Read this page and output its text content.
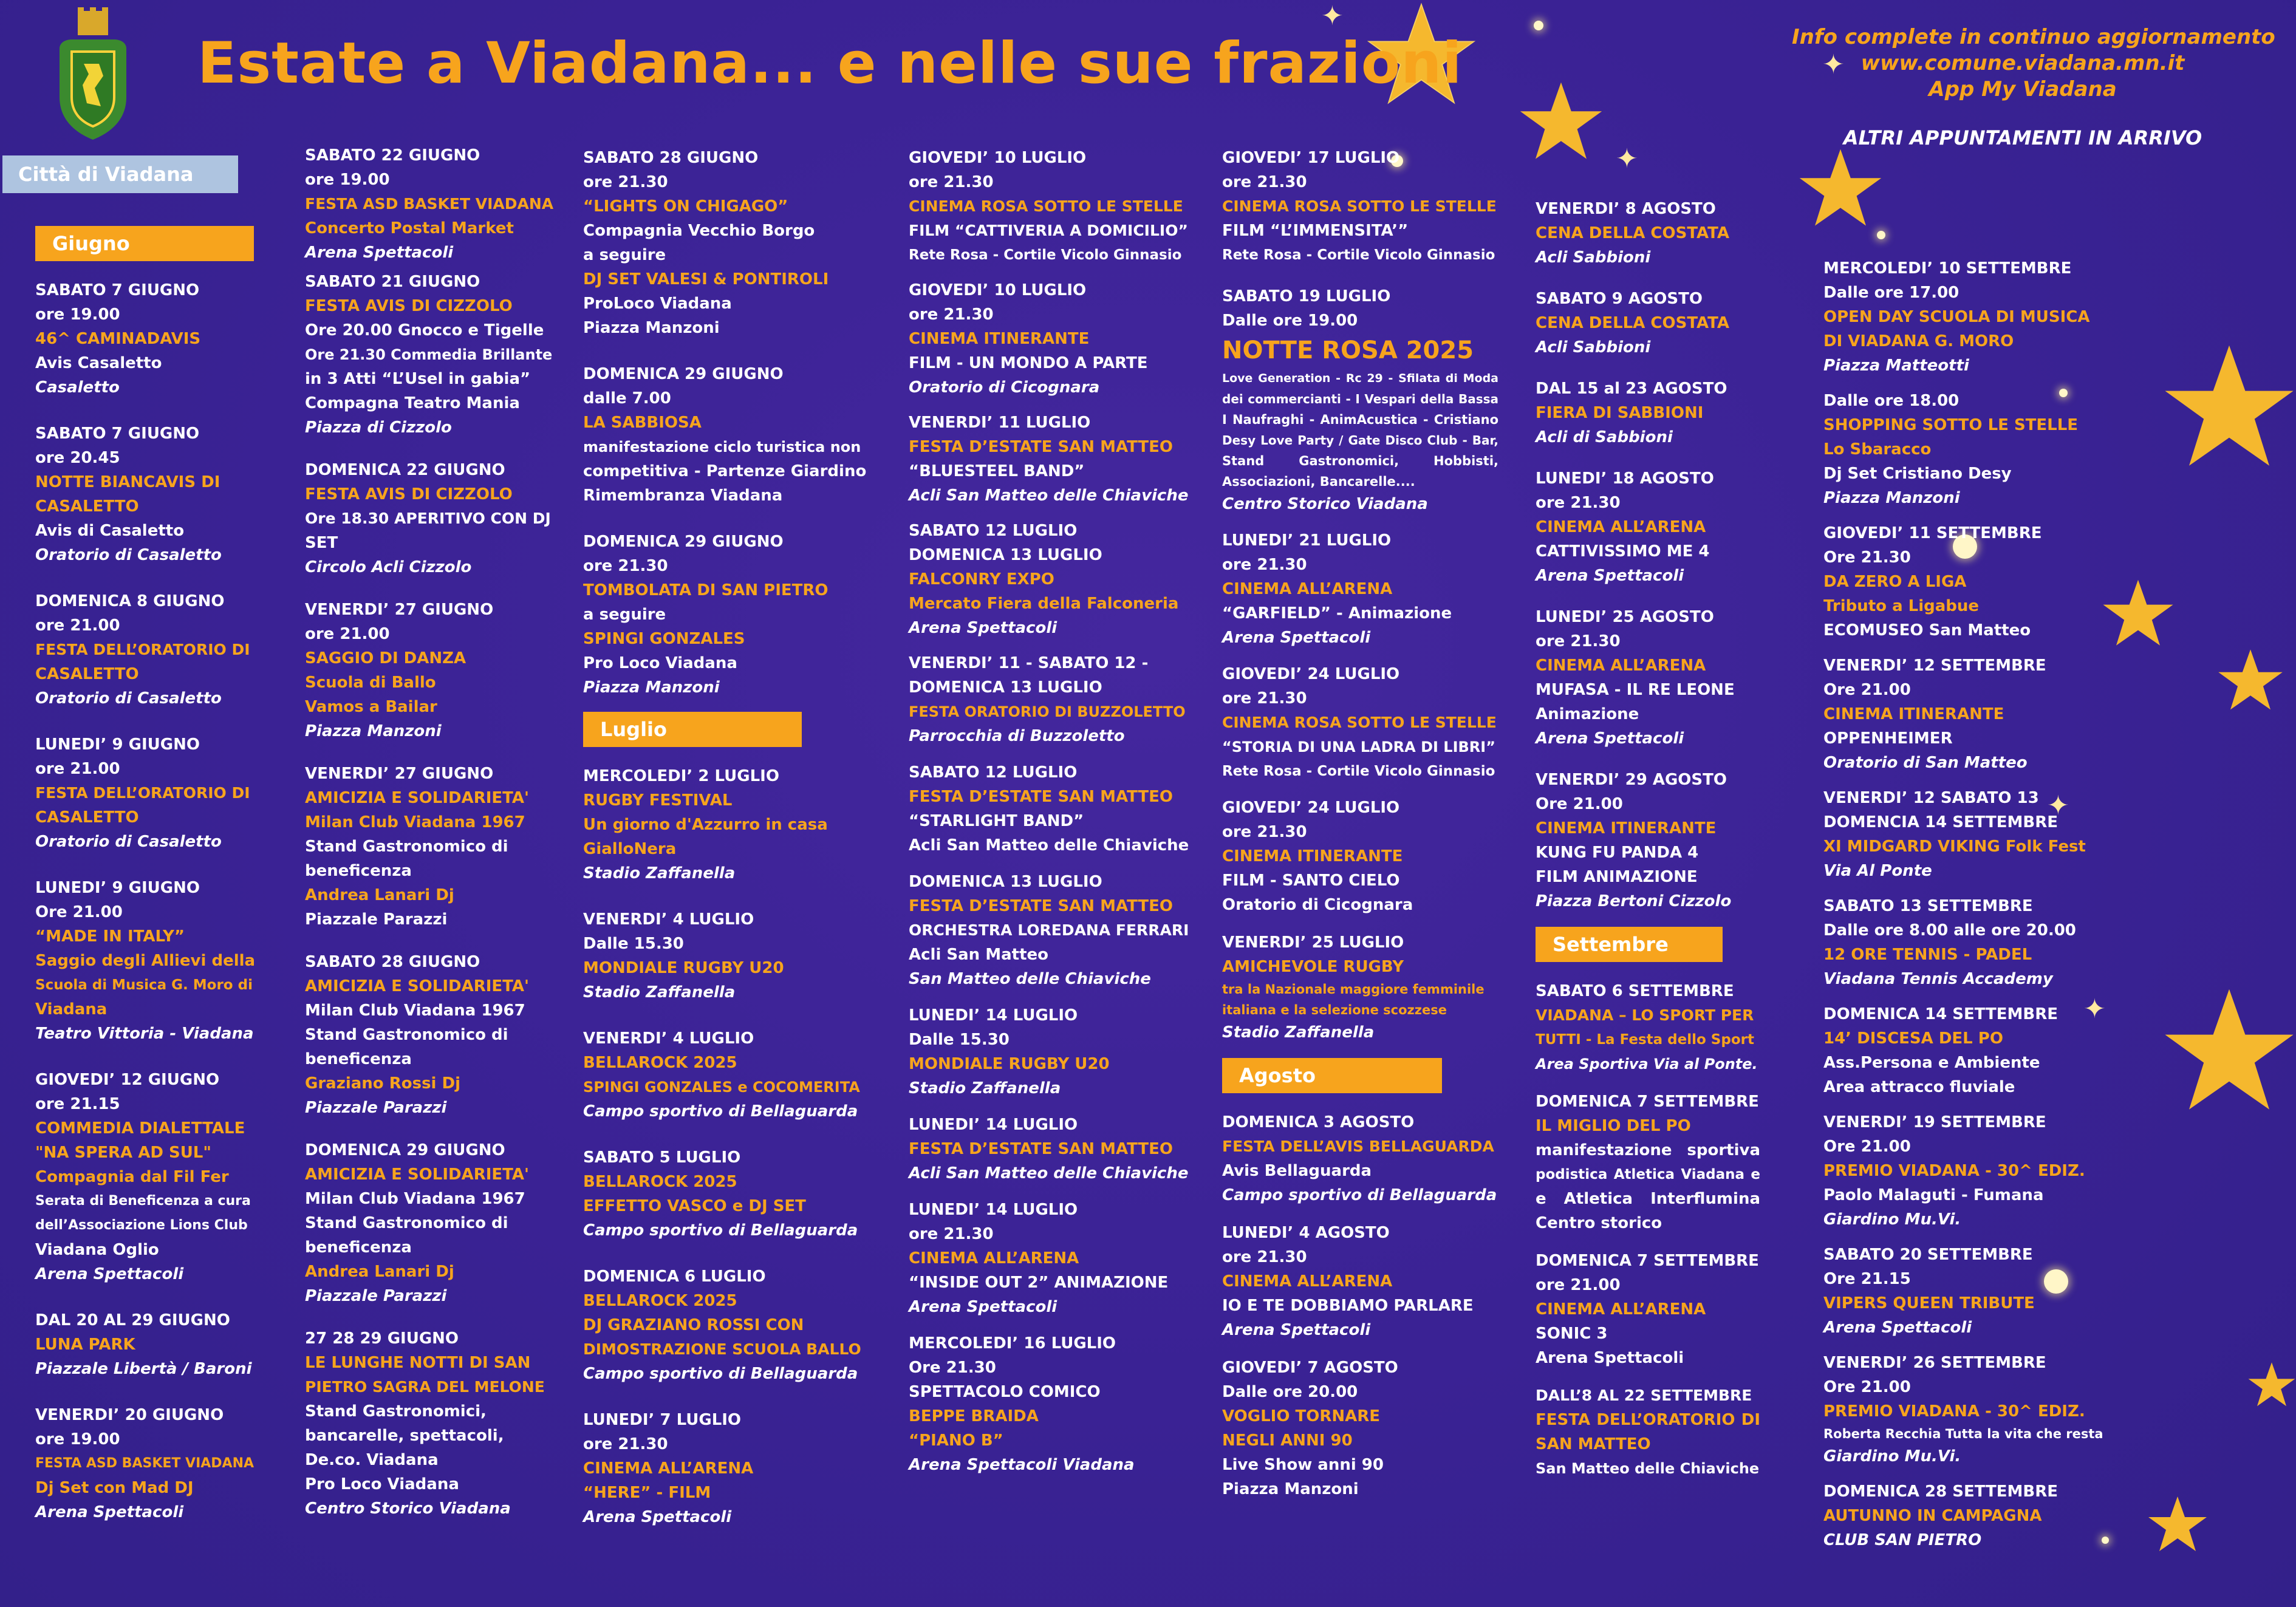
✦
✦
✦
✦
✦
Estate a Viadana... e nelle sue frazioni	Info complete in continuo aggiornamento
www.comune.viadana.mn.it
App My Viadana
ALTRI APPUNTAMENTI IN ARRIVO
Città di Viadana
Giugno
SABATO 7 GIUGNO
ore 19.00
46^ CAMINADAVIS
Avis Casaletto
Casaletto
SABATO 7 GIUGNO
ore 20.45
NOTTE BIANCAVIS DI
CASALETTO
Avis di Casaletto
Oratorio di Casaletto
DOMENICA 8 GIUGNO
ore 21.00
FESTA DELL’ORATORIO DI
CASALETTO
Oratorio di Casaletto
LUNEDI’ 9 GIUGNO
ore 21.00
FESTA DELL’ORATORIO DI
CASALETTO
Oratorio di Casaletto
LUNEDI’ 9 GIUGNO
Ore 21.00
“MADE IN ITALY”
Saggio degli Allievi della
Scuola di Musica G. Moro di
Viadana
Teatro Vittoria - Viadana
GIOVEDI’ 12 GIUGNO
ore 21.15
COMMEDIA DIALETTALE
"NA SPERA AD SUL"
Compagnia dal Fil Fer
Serata di Beneficenza a cura
dell’Associazione Lions Club
Viadana Oglio
Arena Spettacoli
DAL 20 AL 29 GIUGNO
LUNA PARK
Piazzale Libertà / Baroni
VENERDI’ 20 GIUGNO
ore 19.00
FESTA ASD BASKET VIADANA
Dj Set con Mad DJ
Arena Spettacoli
SABATO 22 GIUGNO
ore 19.00
FESTA ASD BASKET VIADANA
Concerto Postal Market
Arena Spettacoli
SABATO 21 GIUGNO
FESTA AVIS DI CIZZOLO
Ore 20.00 Gnocco e Tigelle
Ore 21.30 Commedia Brillante
in 3 Atti “L’Usel in gabia”
Compagna Teatro Mania
Piazza di Cizzolo
DOMENICA 22 GIUGNO
FESTA AVIS DI CIZZOLO
Ore 18.30 APERITIVO CON DJ
SET
Circolo Acli Cizzolo
VENERDI’ 27 GIUGNO
ore 21.00
SAGGIO DI DANZA
Scuola di Ballo
Vamos a Bailar
Piazza Manzoni
VENERDI’ 27 GIUGNO
AMICIZIA E SOLIDARIETA'
Milan Club Viadana 1967
Stand Gastronomico di
beneficenza
Andrea Lanari Dj
Piazzale Parazzi
SABATO 28 GIUGNO
AMICIZIA E SOLIDARIETA'
Milan Club Viadana 1967
Stand Gastronomico di
beneficenza
Graziano Rossi Dj
Piazzale Parazzi
DOMENICA 29 GIUGNO
AMICIZIA E SOLIDARIETA'
Milan Club Viadana 1967
Stand Gastronomico di
beneficenza
Andrea Lanari Dj
Piazzale Parazzi
27 28 29 GIUGNO
LE LUNGHE NOTTI DI SAN
PIETRO SAGRA DEL MELONE
Stand Gastronomici,
bancarelle, spettacoli,
De.co. Viadana
Pro Loco Viadana
Centro Storico Viadana
SABATO 28 GIUGNO
ore 21.30
“LIGHTS ON CHIGAGO”
Compagnia Vecchio Borgo
a seguire
DJ SET VALESI & PONTIROLI
ProLoco Viadana
Piazza Manzoni
DOMENICA 29 GIUGNO
dalle 7.00
LA SABBIOSA
manifestazione ciclo turistica non
competitiva - Partenze Giardino
Rimembranza Viadana
DOMENICA 29 GIUGNO
ore 21.30
TOMBOLATA DI SAN PIETRO
a seguire
SPINGI GONZALES
Pro Loco Viadana
Piazza Manzoni
Luglio
MERCOLEDI’ 2 LUGLIO
RUGBY FESTIVAL
Un giorno d'Azzurro in casa
GialloNera
Stadio Zaffanella
VENERDI’ 4 LUGLIO
Dalle 15.30
MONDIALE RUGBY U20
Stadio Zaffanella
VENERDI’ 4 LUGLIO
BELLAROCK 2025
SPINGI GONZALES e COCOMERITA
Campo sportivo di Bellaguarda
SABATO 5 LUGLIO
BELLAROCK 2025
EFFETTO VASCO e DJ SET
Campo sportivo di Bellaguarda
DOMENICA 6 LUGLIO
BELLAROCK 2025
DJ GRAZIANO ROSSI CON
DIMOSTRAZIONE SCUOLA BALLO
Campo sportivo di Bellaguarda
LUNEDI’ 7 LUGLIO
ore 21.30
CINEMA ALL’ARENA
“HERE” - FILM
Arena Spettacoli
GIOVEDI’ 10 LUGLIO
ore 21.30
CINEMA ROSA SOTTO LE STELLE
FILM “CATTIVERIA A DOMICILIO”
Rete Rosa - Cortile Vicolo Ginnasio
GIOVEDI’ 10 LUGLIO
ore 21.30
CINEMA ITINERANTE
FILM - UN MONDO A PARTE
Oratorio di Cicognara
VENERDI’ 11 LUGLIO
FESTA D’ESTATE SAN MATTEO
“BLUESTEEL BAND”
Acli San Matteo delle Chiaviche
SABATO 12 LUGLIO
DOMENICA 13 LUGLIO
FALCONRY EXPO
Mercato Fiera della Falconeria
Arena Spettacoli
VENERDI’ 11 - SABATO 12 -
DOMENICA 13 LUGLIO
FESTA ORATORIO DI BUZZOLETTO
Parrocchia di Buzzoletto
SABATO 12 LUGLIO
FESTA D’ESTATE SAN MATTEO
“STARLIGHT BAND”
Acli San Matteo delle Chiaviche
DOMENICA 13 LUGLIO
FESTA D’ESTATE SAN MATTEO
ORCHESTRA LOREDANA FERRARI
Acli San Matteo
San Matteo delle Chiaviche
LUNEDI’ 14 LUGLIO
Dalle 15.30
MONDIALE RUGBY U20
Stadio Zaffanella
LUNEDI’ 14 LUGLIO
FESTA D’ESTATE SAN MATTEO
Acli San Matteo delle Chiaviche
LUNEDI’ 14 LUGLIO
ore 21.30
CINEMA ALL’ARENA
“INSIDE OUT 2” ANIMAZIONE
Arena Spettacoli
MERCOLEDI’ 16 LUGLIO
Ore 21.30
SPETTACOLO COMICO
BEPPE BRAIDA
“PIANO B”
Arena Spettacoli Viadana
GIOVEDI’ 17 LUGLIO
ore 21.30
CINEMA ROSA SOTTO LE STELLE
FILM “L’IMMENSITA’”
Rete Rosa - Cortile Vicolo Ginnasio
SABATO 19 LUGLIO
Dalle ore 19.00
NOTTE ROSA 2025
Love Generation - Rc 29 - Sfilata di Moda
dei commercianti - I Vespari della Bassa
I Naufraghi - AnimAcustica - Cristiano
Desy Love Party / Gate Disco Club - Bar,
Stand Gastronomici, Hobbisti,
Associazioni, Bancarelle....
Centro Storico Viadana
LUNEDI’ 21 LUGLIO
ore 21.30
CINEMA ALL’ARENA
“GARFIELD” - Animazione
Arena Spettacoli
GIOVEDI’ 24 LUGLIO
ore 21.30
CINEMA ROSA SOTTO LE STELLE
“STORIA DI UNA LADRA DI LIBRI”
Rete Rosa - Cortile Vicolo Ginnasio
GIOVEDI’ 24 LUGLIO
ore 21.30
CINEMA ITINERANTE
FILM - SANTO CIELO
Oratorio di Cicognara
VENERDI’ 25 LUGLIO
AMICHEVOLE RUGBY
tra la Nazionale maggiore femminile
italiana e la selezione scozzese
Stadio Zaffanella
Agosto
DOMENICA 3 AGOSTO
FESTA DELL’AVIS BELLAGUARDA
Avis Bellaguarda
Campo sportivo di Bellaguarda
LUNEDI’ 4 AGOSTO
ore 21.30
CINEMA ALL’ARENA
IO E TE DOBBIAMO PARLARE
Arena Spettacoli
GIOVEDI’ 7 AGOSTO
Dalle ore 20.00
VOGLIO TORNARE
NEGLI ANNI 90
Live Show anni 90
Piazza Manzoni
VENERDI’ 8 AGOSTO
CENA DELLA COSTATA
Acli Sabbioni
SABATO 9 AGOSTO
CENA DELLA COSTATA
Acli Sabbioni
DAL 15 al 23 AGOSTO
FIERA DI SABBIONI
Acli di Sabbioni
LUNEDI’ 18 AGOSTO
ore 21.30
CINEMA ALL’ARENA
CATTIVISSIMO ME 4
Arena Spettacoli
LUNEDI’ 25 AGOSTO
ore 21.30
CINEMA ALL’ARENA
MUFASA - IL RE LEONE
Animazione
Arena Spettacoli
VENERDI’ 29 AGOSTO
Ore 21.00
CINEMA ITINERANTE
KUNG FU PANDA 4
FILM ANIMAZIONE
Piazza Bertoni Cizzolo
Settembre
SABATO 6 SETTEMBRE
VIADANA – LO SPORT PER
TUTTI - La Festa dello Sport
Area Sportiva Via al Ponte.
DOMENICA 7 SETTEMBRE
IL MIGLIO DEL PO
manifestazione sportiva
podistica Atletica Viadana e
e Atletica Interflumina
Centro storico
DOMENICA 7 SETTEMBRE
ore 21.00
CINEMA ALL’ARENA
SONIC 3
Arena Spettacoli
DALL’8 AL 22 SETTEMBRE
FESTA DELL’ORATORIO DI
SAN MATTEO
San Matteo delle Chiaviche
MERCOLEDI’ 10 SETTEMBRE
Dalle ore 17.00
OPEN DAY SCUOLA DI MUSICA
DI VIADANA G. MORO
Piazza Matteotti
Dalle ore 18.00
SHOPPING SOTTO LE STELLE
Lo Sbaracco
Dj Set Cristiano Desy
Piazza Manzoni
GIOVEDI’ 11 SETTEMBRE
Ore 21.30
DA ZERO A LIGA
Tributo a Ligabue
ECOMUSEO San Matteo
VENERDI’ 12 SETTEMBRE
Ore 21.00
CINEMA ITINERANTE
OPPENHEIMER
Oratorio di San Matteo
VENERDI’ 12 SABATO 13
DOMENCIA 14 SETTEMBRE
XI MIDGARD VIKING Folk Fest
Via Al Ponte
SABATO 13 SETTEMBRE
Dalle ore 8.00 alle ore 20.00
12 ORE TENNIS - PADEL
Viadana Tennis Accademy
DOMENICA 14 SETTEMBRE
14’ DISCESA DEL PO
Ass.Persona e Ambiente
Area attracco fluviale
VENERDI’ 19 SETTEMBRE
Ore 21.00
PREMIO VIADANA - 30^ EDIZ.
Paolo Malaguti - Fumana
Giardino Mu.Vi.
SABATO 20 SETTEMBRE
Ore 21.15
VIPERS QUEEN TRIBUTE
Arena Spettacoli
VENERDI’ 26 SETTEMBRE
Ore 21.00
PREMIO VIADANA - 30^ EDIZ.
Roberta Recchia Tutta la vita che resta
Giardino Mu.Vi.
DOMENICA 28 SETTEMBRE
AUTUNNO IN CAMPAGNA
CLUB SAN PIETRO
